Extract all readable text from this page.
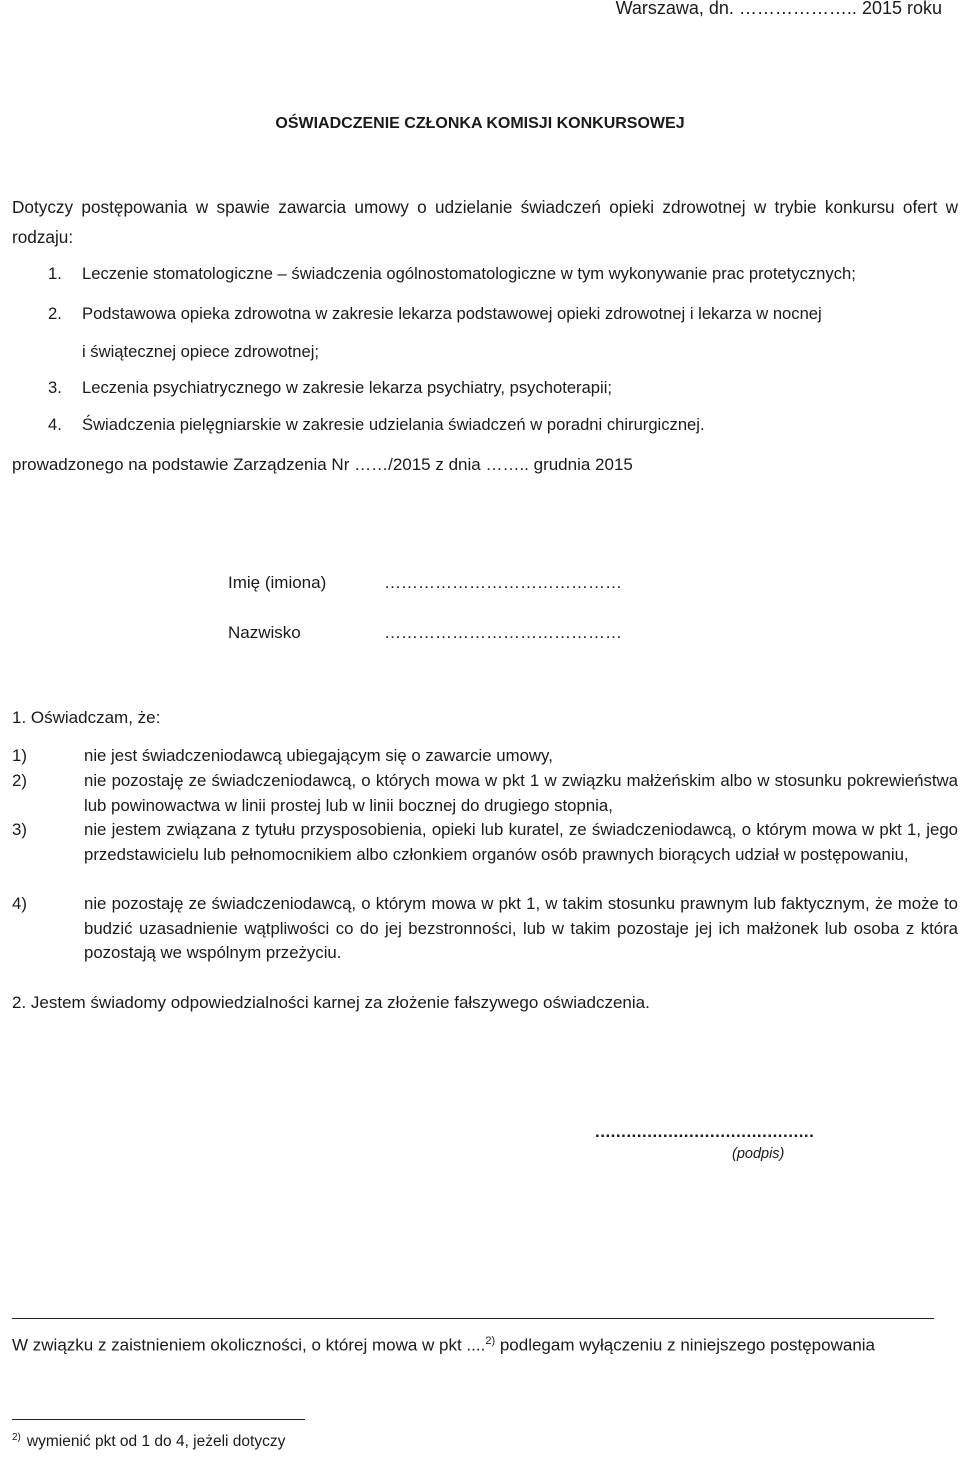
Warszawa, dn. ……………….. 2015 roku
OŚWIADCZENIE CZŁONKA KOMISJI KONKURSOWEJ
Dotyczy postępowania w spawie zawarcia umowy o udzielanie świadczeń opieki zdrowotnej w trybie konkursu ofert w rodzaju:
1. Leczenie stomatologiczne – świadczenia ogólnostomatologiczne w tym wykonywanie prac protetycznych;
2. Podstawowa opieka zdrowotna w zakresie lekarza podstawowej opieki zdrowotnej i lekarza w nocnej
i świątecznej opiece zdrowotnej;
3. Leczenia psychiatrycznego w zakresie lekarza psychiatry, psychoterapii;
4. Świadczenia pielęgniarskie w zakresie udzielania świadczeń w poradni chirurgicznej.
prowadzonego na podstawie Zarządzenia Nr ……/2015 z dnia …….. grudnia 2015
Imię (imiona)	……………………………………
Nazwisko	……………………………………
1. Oświadczam, że:
1)	nie jest świadczeniodawcą ubiegającym się o zawarcie umowy,
2)	nie pozostaję ze świadczeniodawcą, o których mowa w pkt 1 w związku małżeńskim albo w stosunku pokrewieństwa lub powinowactwa w linii prostej lub w linii bocznej do drugiego stopnia,
3)	nie jestem związana z tytułu przysposobienia, opieki lub kuratel, ze świadczeniodawcą, o którym mowa w pkt 1, jego przedstawicielu lub pełnomocnikiem albo członkiem organów osób prawnych biorących udział w postępowaniu,
4)	nie pozostaję ze świadczeniodawcą, o którym mowa w pkt 1, w takim stosunku prawnym lub faktycznym, że może to budzić uzasadnienie wątpliwości co do jej bezstronności, lub w takim pozostaje jej ich małżonek lub osoba z która pozostają we wspólnym przeżyciu.
2. Jestem świadomy odpowiedzialności karnej za złożenie fałszywego oświadczenia.
..........................................
(podpis)
W związku z zaistnieniem okoliczności, o której mowa w pkt ....$^{2)}$ podlegam wyłączeniu z niniejszego postępowania
$^{2)}$ wymienić pkt od 1 do 4, jeżeli dotyczy
